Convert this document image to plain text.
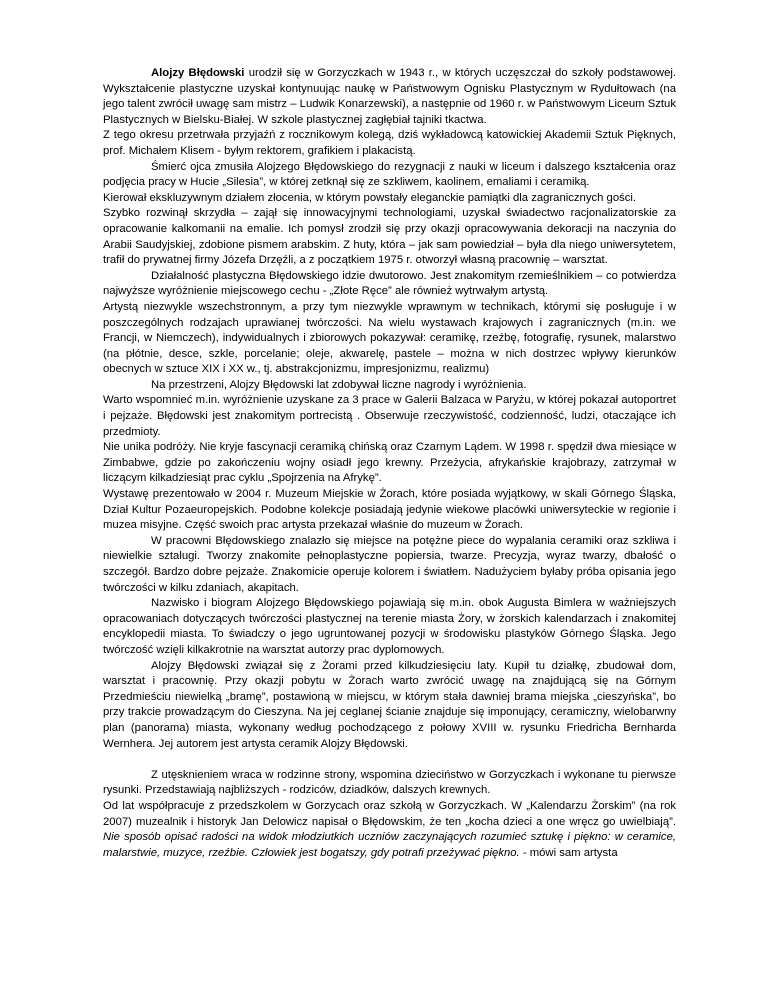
Alojzy Błędowski urodził się w Gorzyczkach w 1943 r., w których uczęszczał do szkoły podstawowej. Wykształcenie plastyczne uzyskał kontynuując naukę w Państwowym Ognisku Plastycznym w Rydułtowach (na jego talent zwrócił uwagę sam mistrz – Ludwik Konarzewski), a następnie od 1960 r. w Państwowym Liceum Sztuk Plastycznych w Bielsku-Białej. W szkole plastycznej zagłębiał tajniki tkactwa.

Z tego okresu przetrwała przyjaźń z rocznikowym kolegą, dziś wykładowcą katowickiej Akademii Sztuk Pięknych, prof. Michałem Klisem - byłym rektorem, grafikiem i plakacistą.

Śmierć ojca zmusiła Alojzego Błędowskiego do rezygnacji z nauki w liceum i dalszego kształcenia oraz podjęcia pracy w Hucie „Silesia”, w której zetknął się ze szkliwem, kaolinem, emaliami i ceramiką.

Kierował ekskluzywnym działem złocenia, w którym powstały eleganckie pamiątki dla zagranicznych gości.

Szybko rozwinął skrzydła – zajął się innowacyjnymi technologiami, uzyskał świadectwo racjonalizatorskie za opracowanie kalkomanii na emalie. Ich pomysł zrodził się przy okazji opracowywania dekoracji na naczynia do Arabii Saudyjskiej, zdobione pismem arabskim. Z huty, która – jak sam powiedział – była dla niego uniwersytetem, trafił do prywatnej firmy Józefa Drzęźli, a z początkiem 1975 r. otworzył własną pracownię – warsztat.

Działalność plastyczna Błędowskiego idzie dwutorowo. Jest znakomitym rzemieślnikiem – co potwierdza najwyższe wyróżnienie miejscowego cechu - „Złote Ręce” ale również wytrwałym artystą.

Artystą niezwykle wszechstronnym, a przy tym niezwykle wprawnym w technikach, którymi się posługuje i w poszczególnych rodzajach uprawianej twórczości. Na wielu wystawach krajowych i zagranicznych (m.in. we Francji, w Niemczech), indywidualnych i zbiorowych pokazywał: ceramikę, rzeźbę, fotografię, rysunek, malarstwo (na płótnie, desce, szkle, porcelanie; oleje, akwarelę, pastele – można w nich dostrzec wpływy kierunków obecnych w sztuce XIX i XX w., tj. abstrakcjonizmu, impresjonizmu, realizmu)

Na przestrzeni, Alojzy Błędowski lat zdobywał liczne nagrody i wyróżnienia.

Warto wspomnieć m.in. wyróżnienie uzyskane za 3 prace w Galerii Balzaca w Paryżu, w której pokazał autoportret i pejzaże. Błędowski jest znakomitym portrecistą . Obserwuje rzeczywistość, codzienność, ludzi, otaczające ich przedmioty.

Nie unika podróży. Nie kryje fascynacji ceramiką chińską oraz Czarnym Lądem. W 1998 r. spędził dwa miesiące w Zimbabwe, gdzie po zakończeniu wojny osiadł jego krewny. Przeżycia, afrykańskie krajobrazy, zatrzymał w liczącym kilkadziesiąt prac cyklu „Spojrzenia na Afrykę”.

Wystawę prezentowało w 2004 r. Muzeum Miejskie w Żorach, które posiada wyjątkowy, w skali Górnego Śląska, Dział Kultur Pozaeuropejskich. Podobne kolekcje posiadają jedynie wiekowe placówki uniwersyteckie w regionie i muzea misyjne. Część swoich prac artysta przekazał właśnie do muzeum w Żorach.

W pracowni Błędowskiego znalazło się miejsce na potężne piece do wypalania ceramiki oraz szkliwa i niewielkie sztalugi. Tworzy znakomite pełnoplastyczne popiersia, twarze. Precyzja, wyraz twarzy, dbałość o szczegół. Bardzo dobre pejzaże. Znakomicie operuje kolorem i światłem. Nadużyciem byłaby próba opisania jego twórczości w kilku zdaniach, akapitach.

Nazwisko i biogram Alojzego Błędowskiego pojawiają się m.in. obok Augusta Bimlera w ważniejszych opracowaniach dotyczących twórczości plastycznej na terenie miasta Żory, w żorskich kalendarzach i znakomitej encyklopedii miasta. To świadczy o jego ugruntowanej pozycji w środowisku plastyków Górnego Śląska. Jego twórczość wzięli kilkakrotnie na warsztat autorzy prac dyplomowych.

Alojzy Błędowski związał się z Żorami przed kilkudziesięciu laty. Kupił tu działkę, zbudował dom, warsztat i pracownię. Przy okazji pobytu w Żorach warto zwrócić uwagę na znajdującą się na Górnym Przedmieściu niewielką „bramę”, postawioną w miejscu, w którym stała dawniej brama miejska „cieszyńska”, bo przy trakcie prowadzącym do Cieszyna. Na jej ceglanej ścianie znajduje się imponujący, ceramiczny, wielobarwny plan (panorama) miasta, wykonany według pochodzącego z połowy XVIII w. rysunku Friedricha Bernharda Wernhera. Jej autorem jest artysta ceramik Alojzy Błędowski.

Z utęsknieniem wraca w rodzinne strony, wspomina dzieciństwo w Gorzyczkach i wykonane tu pierwsze rysunki. Przedstawiają najbliższych - rodziców, dziadków, dalszych krewnych.

Od lat współpracuje z przedszkolem w Gorzycach oraz szkołą w Gorzyczkach. W „Kalendarzu Żorskim” (na rok 2007) muzealnik i historyk Jan Delowicz napisał o Błędowskim, że ten „kocha dzieci a one wręcz go uwielbiają”. Nie sposób opisać radości na widok młodziutkich uczniów zaczynających rozumieć sztukę i piękno: w ceramice, malarstwie, muzyce, rzeźbie. Człowiek jest bogatszy, gdy potrafi przeżywać piękno. - mówi sam artysta
